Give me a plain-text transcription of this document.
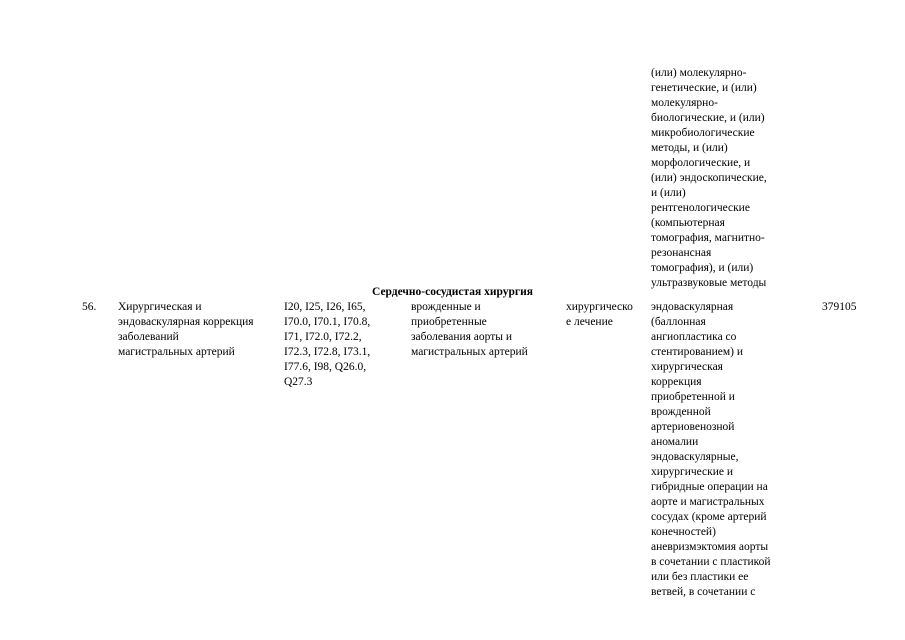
(или) молекулярно-
генетические, и (или)
молекулярно-
биологические, и (или)
микробиологические
методы, и (или)
морфологические, и
(или) эндоскопические,
и (или)
рентгенологические
(компьютерная
томография, магнитно-
резонансная
томография), и (или)
ультразвуковые методы
Сердечно-сосудистая хирургия
56.	Хирургическая и
эндоваскулярная коррекция
заболеваний
магистральных артерий
I20, I25, I26, I65,
I70.0, I70.1, I70.8,
I71, I72.0, I72.2,
I72.3, I72.8, I73.1,
I77.6, I98, Q26.0,
Q27.3
врожденные и
приобретенные
заболевания аорты и
магистральных артерий
хирургическо
е лечение
эндоваскулярная
(баллонная
ангиопластика со
стентированием) и
хирургическая
коррекция
приобретенной и
врожденной
артериовенозной
аномалии
эндоваскулярные,
хирургические и
гибридные операции на
аорте и магистральных
сосудах (кроме артерий
конечностей)
аневризмэктомия аорты
в сочетании с пластикой
или без пластики ее
ветвей, в сочетании с
379105
